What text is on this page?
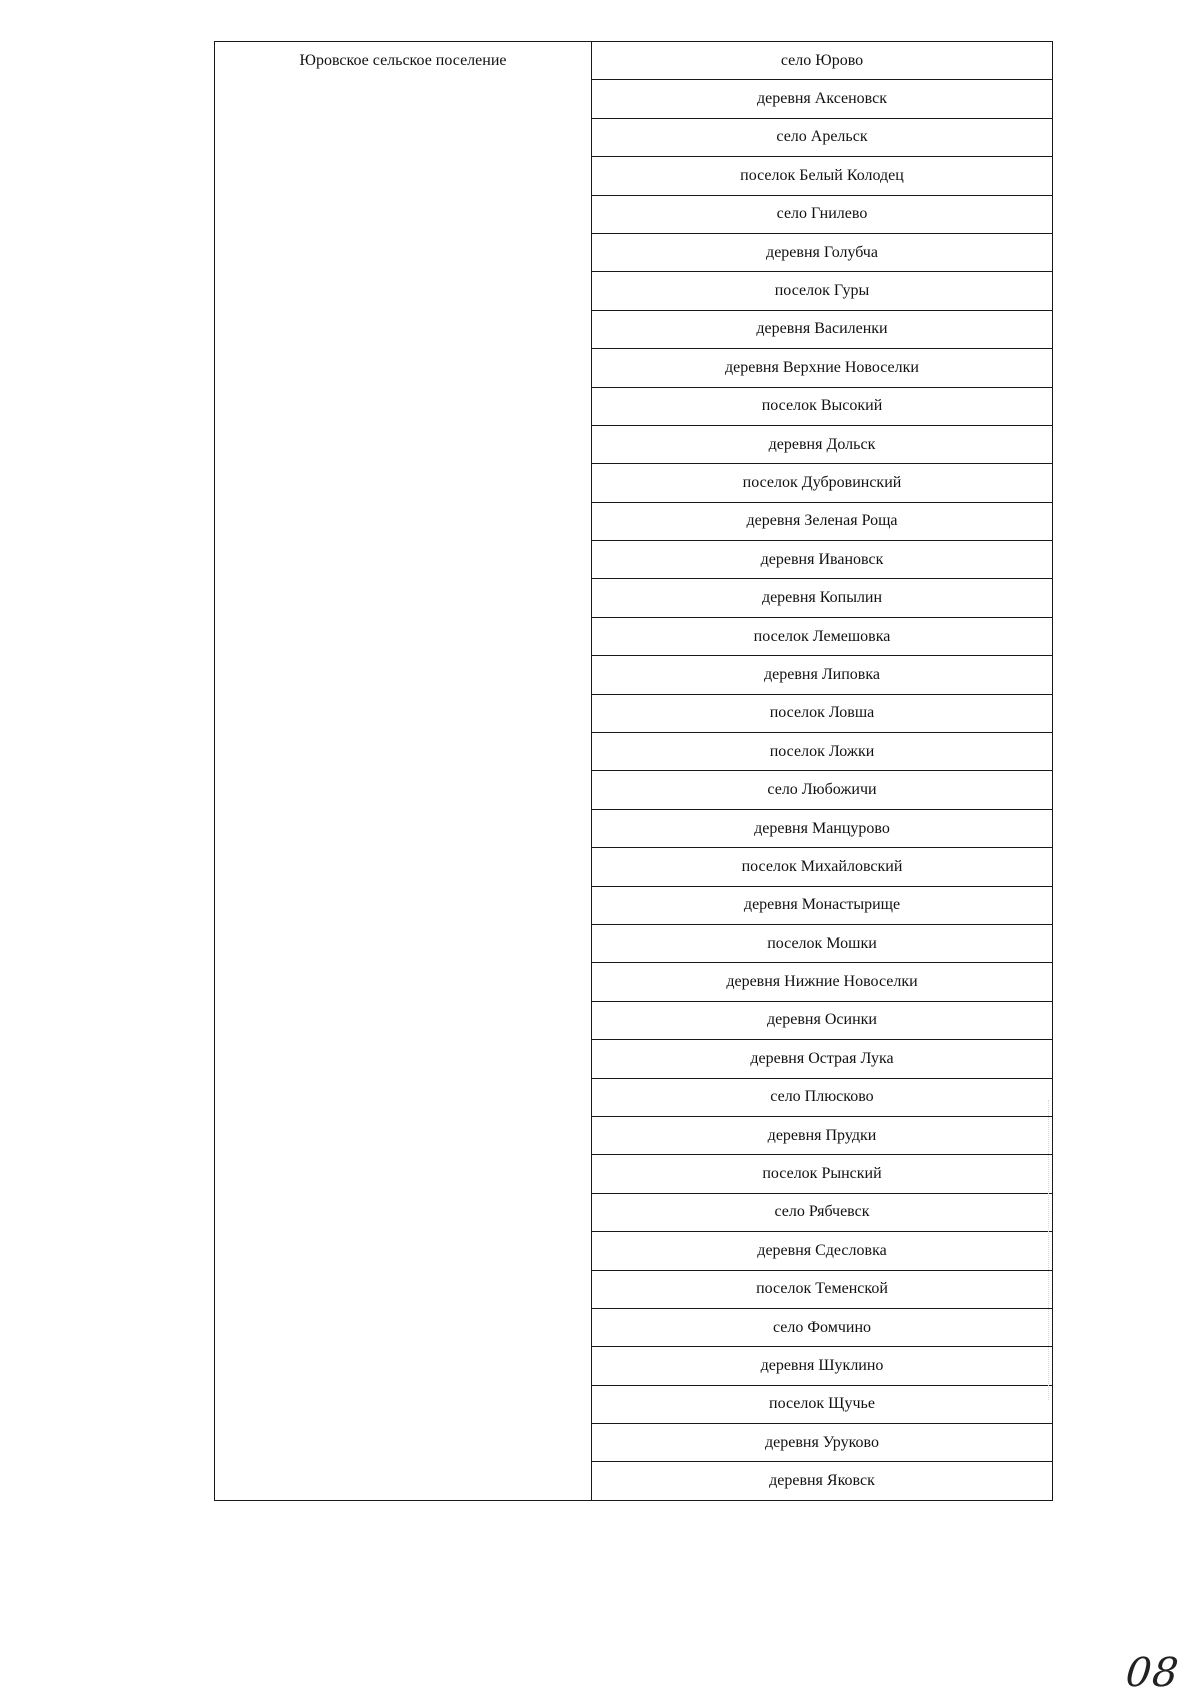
Юровское сельское поселение	село Юрово
деревня Аксеновск
село Арельск
поселок Белый Колодец
село Гнилево
деревня Голубча
поселок Гуры
деревня Василенки
деревня Верхние Новоселки
поселок Высокий
деревня Дольск
поселок Дубровинский
деревня Зеленая Роща
деревня Ивановск
деревня Копылин
поселок Лемешовка
деревня Липовка
поселок Ловша
поселок Ложки
село Любожичи
деревня Манцурово
поселок Михайловский
деревня Монастырище
поселок Мошки
деревня Нижние Новоселки
деревня Осинки
деревня Острая Лука
село Плюсково
деревня Прудки
поселок Рынский
село Рябчевск
деревня Сдесловка
поселок Теменской
село Фомчино
деревня Шуклино
поселок Щучье
деревня Уруково
деревня Яковск
08
